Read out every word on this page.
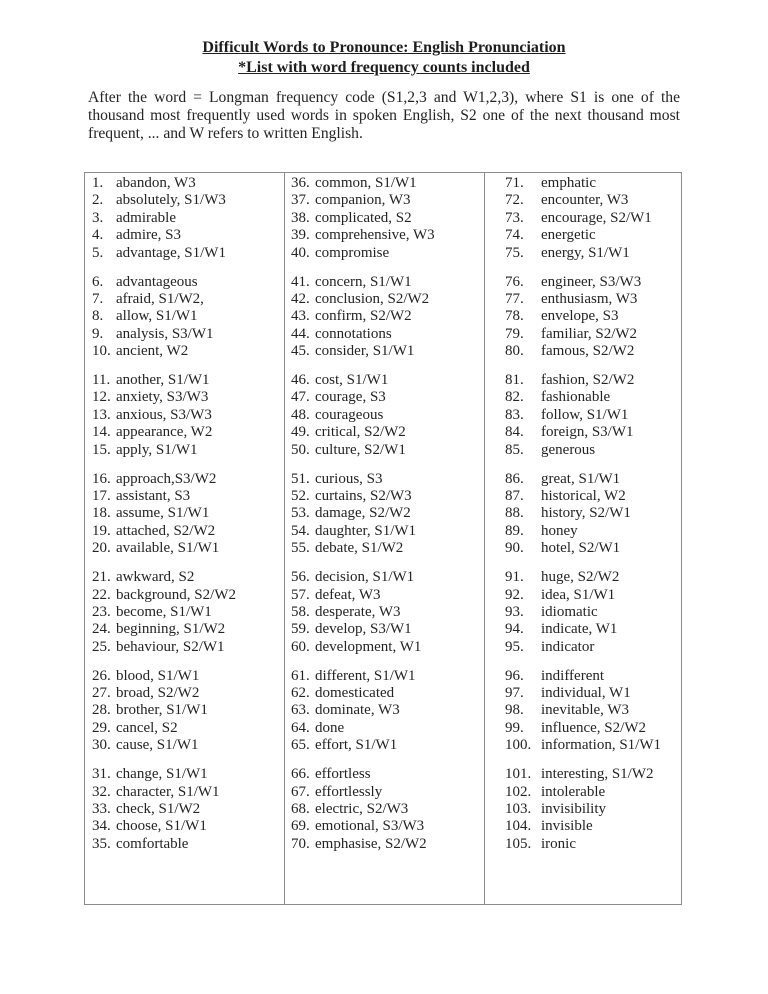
Difficult Words to Pronounce: English Pronunciation
*List with word frequency counts included

After the word = Longman frequency code (S1,2,3 and W1,2,3), where S1 is one of the thousand most frequently used words in spoken English, S2 one of the next thousand most frequent, ... and W refers to written English.

1. abandon, W3
2. absolutely, S1/W3
3. admirable
4. admire, S3
5. advantage, S1/W1
6. advantageous
7. afraid, S1/W2,
8. allow, S1/W1
9. analysis, S3/W1
10. ancient, W2
11. another, S1/W1
12. anxiety, S3/W3
13. anxious, S3/W3
14. appearance, W2
15. apply, S1/W1
16. approach,S3/W2
17. assistant, S3
18. assume, S1/W1
19. attached, S2/W2
20. available, S1/W1
21. awkward, S2
22. background, S2/W2
23. become, S1/W1
24. beginning, S1/W2
25. behaviour, S2/W1
26. blood, S1/W1
27. broad, S2/W2
28. brother, S1/W1
29. cancel, S2
30. cause, S1/W1
31. change, S1/W1
32. character, S1/W1
33. check, S1/W2
34. choose, S1/W1
35. comfortable
36. common, S1/W1
37. companion, W3
38. complicated, S2
39. comprehensive, W3
40. compromise
41. concern, S1/W1
42. conclusion, S2/W2
43. confirm, S2/W2
44. connotations
45. consider, S1/W1
46. cost, S1/W1
47. courage, S3
48. courageous
49. critical, S2/W2
50. culture, S2/W1
51. curious, S3
52. curtains, S2/W3
53. damage, S2/W2
54. daughter, S1/W1
55. debate, S1/W2
56. decision, S1/W1
57. defeat, W3
58. desperate, W3
59. develop, S3/W1
60. development, W1
61. different, S1/W1
62. domesticated
63. dominate, W3
64. done
65. effort, S1/W1
66. effortless
67. effortlessly
68. electric, S2/W3
69. emotional, S3/W3
70. emphasise, S2/W2
71. emphatic
72. encounter, W3
73. encourage, S2/W1
74. energetic
75. energy, S1/W1
76. engineer, S3/W3
77. enthusiasm, W3
78. envelope, S3
79. familiar, S2/W2
80. famous, S2/W2
81. fashion, S2/W2
82. fashionable
83. follow, S1/W1
84. foreign, S3/W1
85. generous
86. great, S1/W1
87. historical, W2
88. history, S2/W1
89. honey
90. hotel, S2/W1
91. huge, S2/W2
92. idea, S1/W1
93. idiomatic
94. indicate, W1
95. indicator
96. indifferent
97. individual, W1
98. inevitable, W3
99. influence, S2/W2
100. information, S1/W1
101. interesting, S1/W2
102. intolerable
103. invisibility
104. invisible
105. ironic
